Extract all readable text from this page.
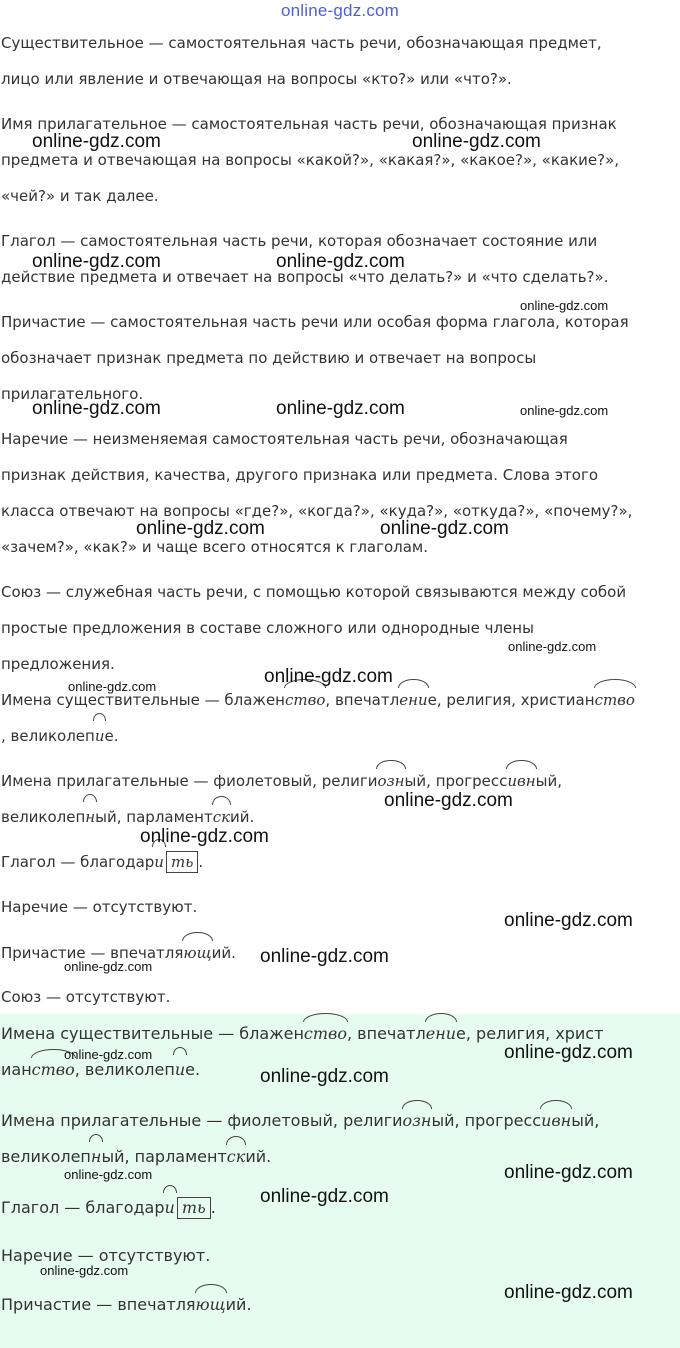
online-gdz.com

Существительное — самостоятельная часть речи, обозначающая предмет,

лицо или явление и отвечающая на вопросы «кто?» или «что?».

Имя прилагательное — самостоятельная часть речи, обозначающая признак

предмета и отвечающая на вопросы «какой?», «какая?», «какое?», «какие?»,

«чей?» и так далее.

Глагол — самостоятельная часть речи, которая обозначает состояние или

действие предмета и отвечает на вопросы «что делать?» и «что сделать?».

Причастие — самостоятельная часть речи или особая форма глагола, которая

обозначает признак предмета по действию и отвечает на вопросы

прилагательного.

Наречие — неизменяемая самостоятельная часть речи, обозначающая

признак действия, качества, другого признака или предмета. Слова этого

класса отвечают на вопросы «где?», «когда?», «куда?», «откуда?», «почему?»,

«зачем?», «как?» и чаще всего относятся к глаголам.

Союз — служебная часть речи, с помощью которой связываются между собой

простые предложения в составе сложного или однородные члены

предложения.

Имена существительные — блаженство, впечатление, религия, христианство

, великолепие.

Имена прилагательные — фиолетовый, религиозный, прогрессивный,

великолепный, парламентский.

Глагол — благодари ть .

Наречие — отсутствуют.

Причастие — впечатляющий.

Союз — отсутствуют.

Имена существительные — блаженство, впечатление, религия, христ

ианство, великолепие.

Имена прилагательные — фиолетовый, религиозный, прогрессивный,

великолепный, парламентский.

Глагол — благодари ть .

Наречие — отсутствуют.

Причастие — впечатляющий.

online-gdz.com	online-gdz.com
online-gdz.com	online-gdz.com
online-gdz.com
online-gdz.com	online-gdz.com	online-gdz.com
online-gdz.com	online-gdz.com
online-gdz.com
online-gdz.com
online-gdz.com
online-gdz.com
online-gdz.com
online-gdz.com
online-gdz.com
online-gdz.com
online-gdz.com	online-gdz.com
online-gdz.com
online-gdz.com	online-gdz.com
online-gdz.com
online-gdz.com
online-gdz.com
